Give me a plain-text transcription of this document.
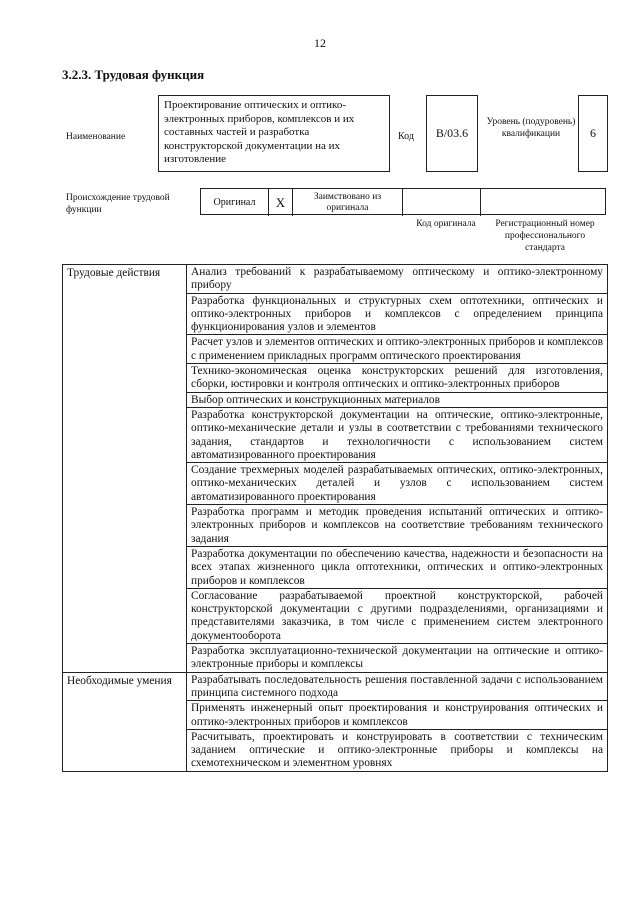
12
3.2.3. Трудовая функция
Наименование
Проектирование оптических и оптико-электронных приборов, комплексов и их составных частей и разработка конструкторской документации на их изготовление
Код	B/03.6
Уровень (подуровень) квалификации	6
Происхождение трудовой функции
Оригинал	X	Заимствовано из оригинала
Код оригинала	Регистрационный номер профессионального стандарта
Трудовые действия	Анализ требований к разрабатываемому оптическому и оптико-электронному прибору
	Разработка функциональных и структурных схем оптотехники, оптических и оптико-электронных приборов и комплексов с определением принципа функционирования узлов и элементов
	Расчет узлов и элементов оптических и оптико-электронных приборов и комплексов с применением прикладных программ оптического проектирования
	Технико-экономическая оценка конструкторских решений для изготовления, сборки, юстировки и контроля оптических и оптико-электронных приборов
	Выбор оптических и конструкционных материалов
	Разработка конструкторской документации на оптические, оптико-электронные, оптико-механические детали и узлы в соответствии с требованиями технического задания, стандартов и технологичности с использованием систем автоматизированного проектирования
	Создание трехмерных моделей разрабатываемых оптических, оптико-электронных, оптико-механических деталей и узлов с использованием систем автоматизированного проектирования
	Разработка программ и методик проведения испытаний оптических и оптико-электронных приборов и комплексов на соответствие требованиям технического задания
	Разработка документации по обеспечению качества, надежности и безопасности на всех этапах жизненного цикла оптотехники, оптических и оптико-электронных приборов и комплексов
	Согласование разрабатываемой проектной конструкторской, рабочей конструкторской документации с другими подразделениями, организациями и представителями заказчика, в том числе с применением систем электронного документооборота
	Разработка эксплуатационно-технической документации на оптические и оптико-электронные приборы и комплексы
Необходимые умения	Разрабатывать последовательность решения поставленной задачи с использованием принципа системного подхода
	Применять инженерный опыт проектирования и конструирования оптических и оптико-электронных приборов и комплексов
	Расчитывать, проектировать и конструировать в соответствии с техническим заданием оптические и оптико-электронные приборы и комплексы на схемотехническом и элементном уровнях
